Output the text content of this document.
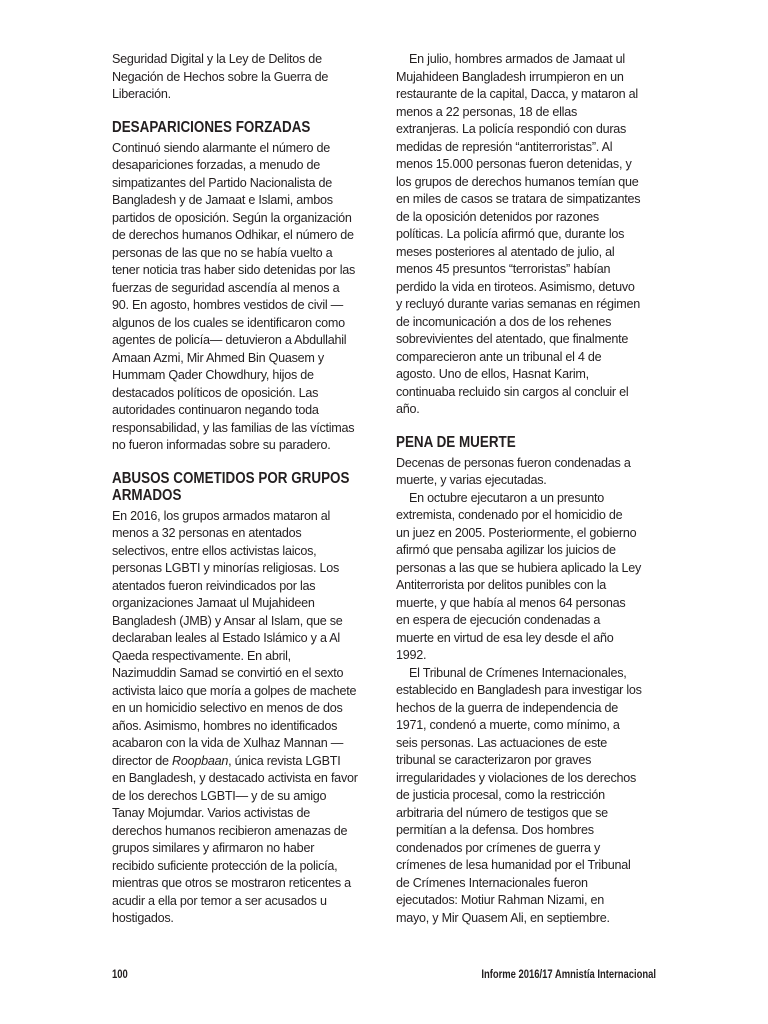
Seguridad Digital y la Ley de Delitos de
Negación de Hechos sobre la Guerra de
Liberación.
DESAPARICIONES FORZADAS
Continuó siendo alarmante el número de
desapariciones forzadas, a menudo de
simpatizantes del Partido Nacionalista de
Bangladesh y de Jamaat e Islami, ambos
partidos de oposición. Según la organización
de derechos humanos Odhikar, el número de
personas de las que no se había vuelto a
tener noticia tras haber sido detenidas por las
fuerzas de seguridad ascendía al menos a
90. En agosto, hombres vestidos de civil —
algunos de los cuales se identificaron como
agentes de policía— detuvieron a Abdullahil
Amaan Azmi, Mir Ahmed Bin Quasem y
Hummam Qader Chowdhury, hijos de
destacados políticos de oposición. Las
autoridades continuaron negando toda
responsabilidad, y las familias de las víctimas
no fueron informadas sobre su paradero.
ABUSOS COMETIDOS POR GRUPOS
ARMADOS
En 2016, los grupos armados mataron al
menos a 32 personas en atentados
selectivos, entre ellos activistas laicos,
personas LGBTI y minorías religiosas. Los
atentados fueron reivindicados por las
organizaciones Jamaat ul Mujahideen
Bangladesh (JMB) y Ansar al Islam, que se
declaraban leales al Estado Islámico y a Al
Qaeda respectivamente. En abril,
Nazimuddin Samad se convirtió en el sexto
activista laico que moría a golpes de machete
en un homicidio selectivo en menos de dos
años. Asimismo, hombres no identificados
acabaron con la vida de Xulhaz Mannan —
director de Roopbaan, única revista LGBTI
en Bangladesh, y destacado activista en favor
de los derechos LGBTI— y de su amigo
Tanay Mojumdar. Varios activistas de
derechos humanos recibieron amenazas de
grupos similares y afirmaron no haber
recibido suficiente protección de la policía,
mientras que otros se mostraron reticentes a
acudir a ella por temor a ser acusados u
hostigados.
En julio, hombres armados de Jamaat ul
Mujahideen Bangladesh irrumpieron en un
restaurante de la capital, Dacca, y mataron al
menos a 22 personas, 18 de ellas
extranjeras. La policía respondió con duras
medidas de represión “antiterroristas”. Al
menos 15.000 personas fueron detenidas, y
los grupos de derechos humanos temían que
en miles de casos se tratara de simpatizantes
de la oposición detenidos por razones
políticas. La policía afirmó que, durante los
meses posteriores al atentado de julio, al
menos 45 presuntos “terroristas” habían
perdido la vida en tiroteos. Asimismo, detuvo
y recluyó durante varias semanas en régimen
de incomunicación a dos de los rehenes
sobrevivientes del atentado, que finalmente
comparecieron ante un tribunal el 4 de
agosto. Uno de ellos, Hasnat Karim,
continuaba recluido sin cargos al concluir el
año.
PENA DE MUERTE
Decenas de personas fueron condenadas a
muerte, y varias ejecutadas.
En octubre ejecutaron a un presunto
extremista, condenado por el homicidio de
un juez en 2005. Posteriormente, el gobierno
afirmó que pensaba agilizar los juicios de
personas a las que se hubiera aplicado la Ley
Antiterrorista por delitos punibles con la
muerte, y que había al menos 64 personas
en espera de ejecución condenadas a
muerte en virtud de esa ley desde el año
1992.
El Tribunal de Crímenes Internacionales,
establecido en Bangladesh para investigar los
hechos de la guerra de independencia de
1971, condenó a muerte, como mínimo, a
seis personas. Las actuaciones de este
tribunal se caracterizaron por graves
irregularidades y violaciones de los derechos
de justicia procesal, como la restricción
arbitraria del número de testigos que se
permitían a la defensa. Dos hombres
condenados por crímenes de guerra y
crímenes de lesa humanidad por el Tribunal
de Crímenes Internacionales fueron
ejecutados: Motiur Rahman Nizami, en
mayo, y Mir Quasem Ali, en septiembre.
100	Informe 2016/17 Amnistía Internacional
